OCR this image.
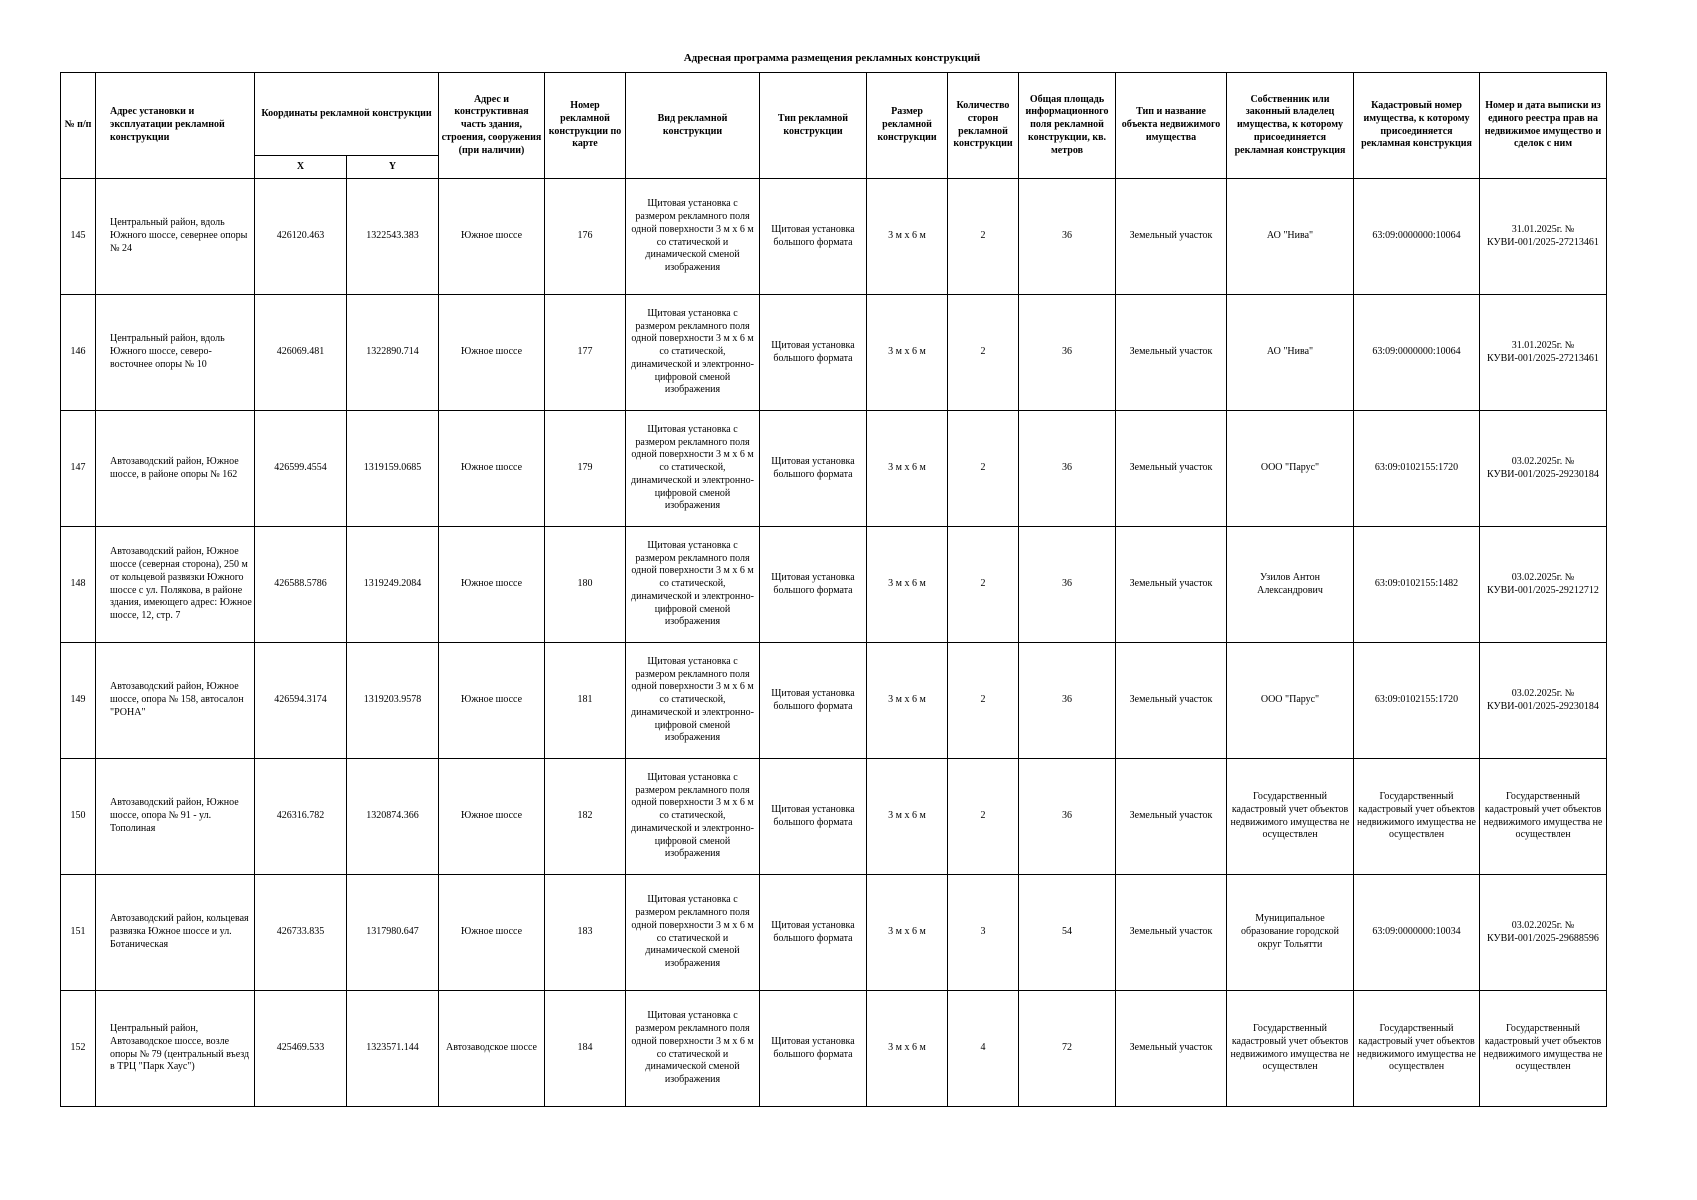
Адресная программа размещения рекламных конструкций
№ п/п	Адрес установки и эксплуатации рекламной конструкции	Координаты рекламной конструкции		Адрес и конструктивная часть здания, строения, сооружения (при наличии)	Номер рекламной конструкции по карте	Вид рекламной конструкции	Тип рекламной конструкции	Размер рекламной конструкции	Количество сторон рекламной конструкции	Общая площадь информационного поля рекламной конструкции, кв. метров	Тип и название объекта недвижимого имущества	Собственник или законный владелец имущества, к которому присоединяется рекламная конструкция	Кадастровый номер имущества, к которому присоединяется рекламная конструкция	Номер и дата выписки из единого реестра прав на недвижимое имущество и сделок с ним
		X	Y											
145	Центральный район, вдоль Южного шоссе, севернее опоры № 24	426120.463	1322543.383	Южное шоссе	176	Щитовая установка с размером рекламного поля одной поверхности 3 м х 6 м со статической и динамической сменой изображения	Щитовая установка большого формата	3 м х 6 м	2	36	Земельный участок	АО "Нива"	63:09:0000000:10064	31.01.2025г. № КУВИ-001/2025-27213461
146	Центральный район, вдоль Южного шоссе, северо-восточнее опоры № 10	426069.481	1322890.714	Южное шоссе	177	Щитовая установка с размером рекламного поля одной поверхности 3 м х 6 м со статической, динамической и электронно-цифровой сменой изображения	Щитовая установка большого формата	3 м х 6 м	2	36	Земельный участок	АО "Нива"	63:09:0000000:10064	31.01.2025г. № КУВИ-001/2025-27213461
147	Автозаводский район, Южное шоссе, в районе опоры № 162	426599.4554	1319159.0685	Южное шоссе	179	Щитовая установка с размером рекламного поля одной поверхности 3 м х 6 м со статической, динамической и электронно-цифровой сменой изображения	Щитовая установка большого формата	3 м х 6 м	2	36	Земельный участок	ООО "Парус"	63:09:0102155:1720	03.02.2025г. № КУВИ-001/2025-29230184
148	Автозаводский район, Южное шоссе (северная сторона), 250 м от кольцевой развязки Южного шоссе с ул. Полякова, в районе здания, имеющего адрес: Южное шоссе, 12, стр. 7	426588.5786	1319249.2084	Южное шоссе	180	Щитовая установка с размером рекламного поля одной поверхности 3 м х 6 м со статической, динамической и электронно-цифровой сменой изображения	Щитовая установка большого формата	3 м х 6 м	2	36	Земельный участок	Узилов Антон Александрович	63:09:0102155:1482	03.02.2025г. № КУВИ-001/2025-29212712
149	Автозаводский район, Южное шоссе, опора № 158, автосалон "РОНА"	426594.3174	1319203.9578	Южное шоссе	181	Щитовая установка с размером рекламного поля одной поверхности 3 м х 6 м со статической, динамической и электронно-цифровой сменой изображения	Щитовая установка большого формата	3 м х 6 м	2	36	Земельный участок	ООО "Парус"	63:09:0102155:1720	03.02.2025г. № КУВИ-001/2025-29230184
150	Автозаводский район, Южное шоссе, опора № 91 - ул. Тополиная	426316.782	1320874.366	Южное шоссе	182	Щитовая установка с размером рекламного поля одной поверхности 3 м х 6 м со статической, динамической и электронно-цифровой сменой изображения	Щитовая установка большого формата	3 м х 6 м	2	36	Земельный участок	Государственный кадастровый учет объектов недвижимого имущества не осуществлен	Государственный кадастровый учет объектов недвижимого имущества не осуществлен	Государственный кадастровый учет объектов недвижимого имущества не осуществлен
151	Автозаводский район, кольцевая развязка Южное шоссе и ул. Ботаническая	426733.835	1317980.647	Южное шоссе	183	Щитовая установка с размером рекламного поля одной поверхности 3 м х 6 м со статической и динамической сменой изображения	Щитовая установка большого формата	3 м х 6 м	3	54	Земельный участок	Муниципальное образование городской округ Тольятти	63:09:0000000:10034	03.02.2025г. № КУВИ-001/2025-29688596
152	Центральный район, Автозаводское шоссе, возле опоры № 79 (центральный въезд в ТРЦ "Парк Хаус")	425469.533	1323571.144	Автозаводское шоссе	184	Щитовая установка с размером рекламного поля одной поверхности 3 м х 6 м со статической и динамической сменой изображения	Щитовая установка большого формата	3 м х 6 м	4	72	Земельный участок	Государственный кадастровый учет объектов недвижимого имущества не осуществлен	Государственный кадастровый учет объектов недвижимого имущества не осуществлен	Государственный кадастровый учет объектов недвижимого имущества не осуществлен
